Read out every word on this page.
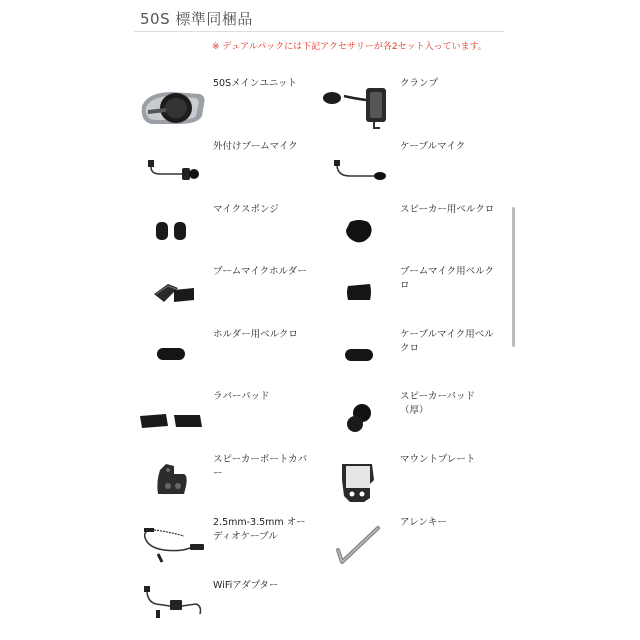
50S 標準同梱品
※ デュアルパックには下記アクセサリーが各2セット入っています。
50Sメインユニット	クランプ
外付けブームマイク	ケーブルマイク
マイクスポンジ	スピーカー用ベルクロ
ブームマイクホルダー	ブームマイク用ベルク
ロ
ホルダー用ベルクロ	ケーブルマイク用ベル
クロ
ラバーパッド	スピーカーパッド
（厚）
スピーカーポートカバ
ー
マウントプレート
2.5mm-3.5mm オー
ディオケーブル
アレンキー
WiFiアダプター
